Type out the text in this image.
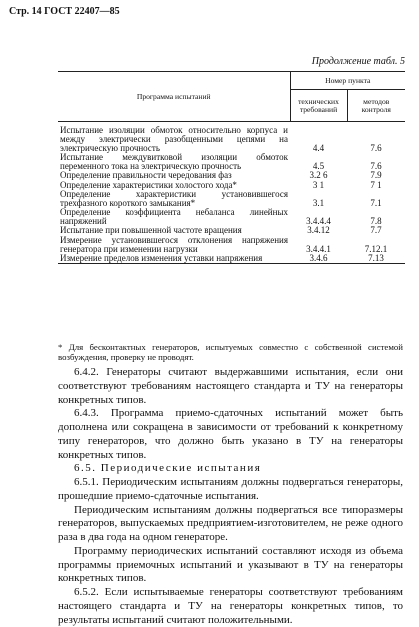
Стр. 14 ГОСТ 22407—85
Продолжение табл. 5
Программа испытаний	Номер пункта	
	технических требований	методов контроля

Испытание изоляции обмоток относительно корпуса и между электрически разобщенными цепями на электрическую прочность	4.4	7.6
Испытание междувитковой изоляции обмоток переменного тока на электрическую прочность	4.5	7.6
Определение правильности чередования фаз	3.2 6	7.9
Определение характеристики холостого хода*	3 1	7 1
Определение характеристики установившегося трехфазного короткого замыкания*	3.1	7.1
Определение коэффициента небаланса линейных напряжений	3.4.4.4	7.8
Испытание при повышенной частоте вращения	3.4.12	7.7
Измерение установившегося отклонения напряжения генератора при изменении нагрузки	3.4.4.1	7.12.1
Измерение пределов изменения уставки напряжения	3.4.6	7.13
* Для бесконтактных генераторов, испытуемых совместно с собственной системой возбуждения, проверку не проводят.

6.4.2. Генераторы считают выдержавшими испытания, если они соответствуют требованиям настоящего стандарта и ТУ на генераторы конкретных типов.

6.4.3. Программа приемо-сдаточных испытаний может быть дополнена или сокращена в зависимости от требований к конкретному типу генераторов, что должно быть указано в ТУ на генераторы конкретных типов.

6.5. Периодические испытания

6.5.1. Периодическим испытаниям должны подвергаться генераторы, прошедшие приемо-сдаточные испытания.

Периодическим испытаниям должны подвергаться все типоразмеры генераторов, выпускаемых предприятием-изготовителем, не реже одного раза в два года на одном генераторе.

Программу периодических испытаний составляют исходя из объема программы приемочных испытаний и указывают в ТУ на генераторы конкретных типов.

6.5.2. Если испытываемые генераторы соответствуют требованиям настоящего стандарта и ТУ на генераторы конкретных типов, то результаты испытаний считают положительными.
